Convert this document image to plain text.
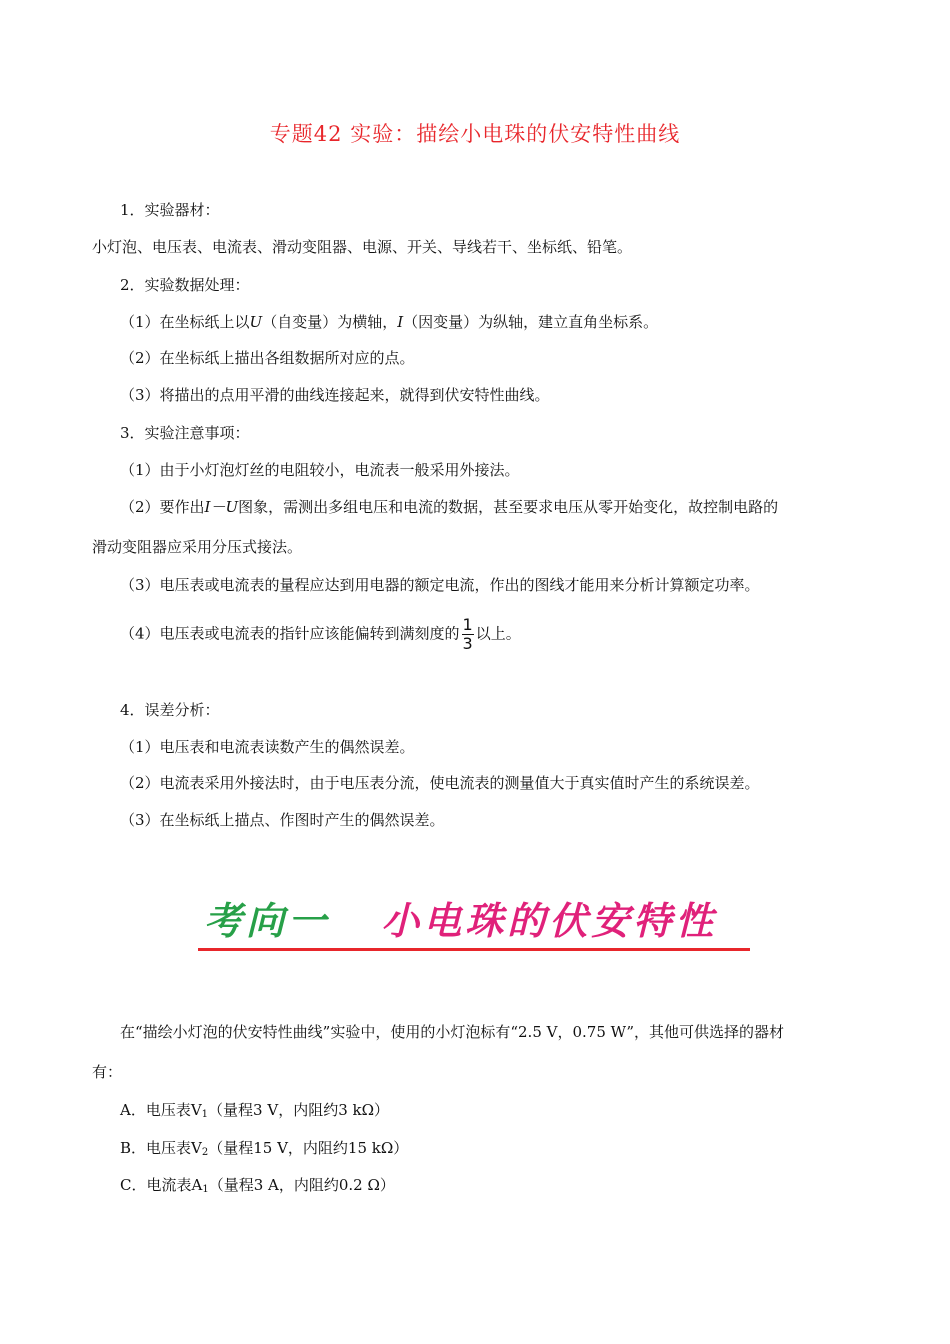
专题42 实验：描绘小电珠的伏安特性曲线
1．实验器材：
小灯泡、电压表、电流表、滑动变阻器、电源、开关、导线若干、坐标纸、铅笔。
2．实验数据处理：
（1）在坐标纸上以U（自变量）为横轴，I（因变量）为纵轴，建立直角坐标系。
（2）在坐标纸上描出各组数据所对应的点。
（3）将描出的点用平滑的曲线连接起来，就得到伏安特性曲线。
3．实验注意事项：
（1）由于小灯泡灯丝的电阻较小，电流表一般采用外接法。
（2）要作出I－U图象，需测出多组电压和电流的数据，甚至要求电压从零开始变化，故控制电路的
滑动变阻器应采用分压式接法。
（3）电压表或电流表的量程应达到用电器的额定电流，作出的图线才能用来分析计算额定功率。
（4）电压表或电流表的指针应该能偏转到满刻度的 $\frac{1}{3}$ 以上。
4．误差分析：
（1）电压表和电流表读数产生的偶然误差。
（2）电流表采用外接法时，由于电压表分流，使电流表的测量值大于真实值时产生的系统误差。
（3）在坐标纸上描点、作图时产生的偶然误差。
考向一 小电珠的伏安特性
在“描绘小灯泡的伏安特性曲线”实验中，使用的小灯泡标有“2.5 V，0.75 W”，其他可供选择的器材
有：
A．电压表$V_1$（量程3 V，内阻约3 kΩ）
B．电压表$V_2$（量程15 V，内阻约15 kΩ）
C．电流表$A_1$（量程3 A，内阻约0.2 Ω）
